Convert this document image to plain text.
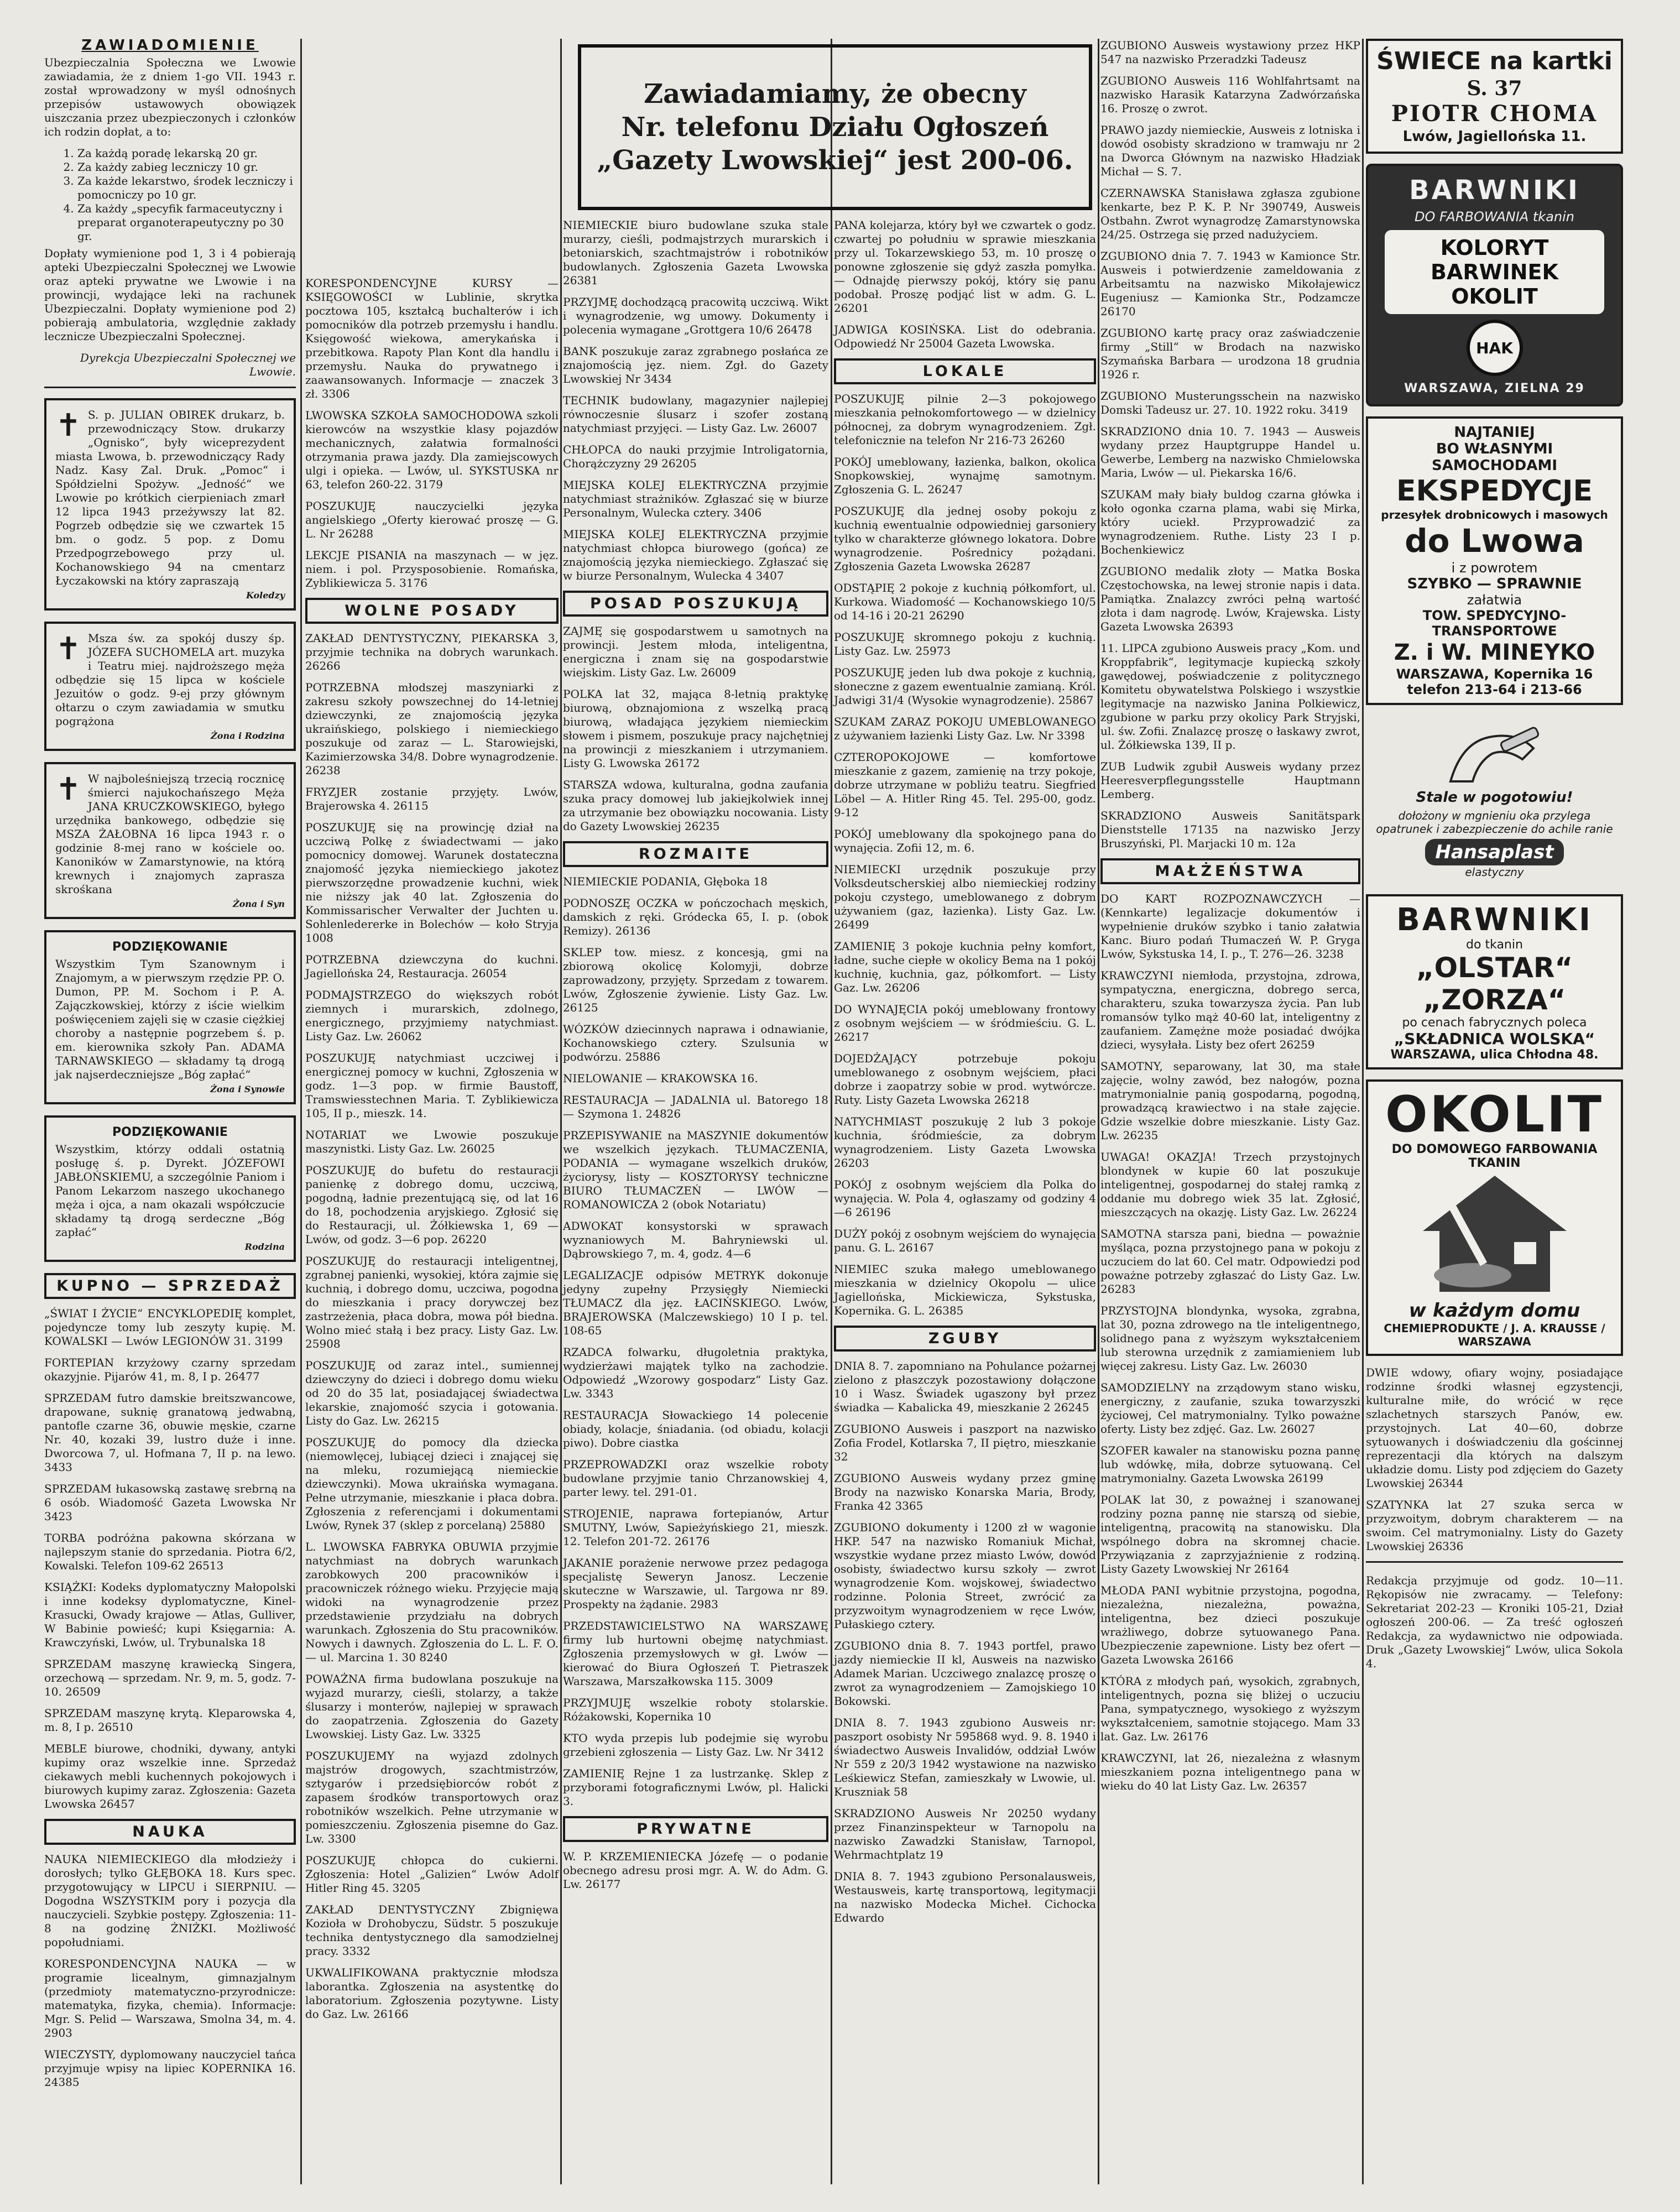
Zawiadamiamy, że obecny
Nr. telefonu Działu Ogłoszeń
„Gazety Lwowskiej“ jest 200-06.
ZAWIADOMIENIE

Ubezpieczalnia Społeczna we Lwowie zawiadamia, że z dniem 1-go VII. 1943 r. został wprowadzony w myśl odnośnych przepisów ustawowych obowiązek uiszczania przez ubezpieczonych i członków ich rodzin dopłat, a to:

1. Za każdą poradę lekarską 20 gr.
2. Za każdy zabieg leczniczy 10 gr.
3. Za każde lekarstwo, środek leczniczy i pomocniczy po 10 gr.
4. Za każdy „specyfik farmaceutyczny i preparat organoterapeutyczny po 30 gr.

Dopłaty wymienione pod 1, 3 i 4 pobierają apteki Ubezpieczalni Społecznej we Lwowie oraz apteki prywatne we Lwowie i na prowincji, wydające leki na rachunek Ubezpieczalni. Dopłaty wymienione pod 2) pobierają ambulatoria, względnie zakłady lecznicze Ubezpieczalni Społecznej.

Dyrekcja Ubezpieczalni Społecznej we Lwowie.
✝ S. p. JULIAN OBIREK drukarz, b. przewodniczący Stow. drukarzy „Ognisko“, były wiceprezydent miasta Lwowa, b. przewodniczący Rady Nadz. Kasy Zal. Druk. „Pomoc“ i Spółdzielni Spożyw. „Jedność“ we Lwowie po krótkich cierpieniach zmarł 12 lipca 1943 przeżywszy lat 82. Pogrzeb odbędzie się we czwartek 15 bm. o godz. 5 pop. z Domu Przedpogrzebowego przy ul. Kochanowskiego 94 na cmentarz Łyczakowski na który zapraszają

Koledzy
✝ Msza św. za spokój duszy śp. JÓZEFA SUCHOMELA art. muzyka i Teatru miej. najdroższego męża odbędzie się 15 lipca w kościele Jezuitów o godz. 9-ej przy głównym ołtarzu o czym zawiadamia w smutku pogrążona

Żona i Rodzina
✝ W najboleśniejszą trzecią rocznicę śmierci najukochańszego Męża JANA KRUCZKOWSKIEGO, byłego urzędnika bankowego, odbędzie się MSZA ŻAŁOBNA 16 lipca 1943 r. o godzinie 8-mej rano w kościele oo. Kanoników w Zamarstynowie, na którą krewnych i znajomych zaprasza skrośkana

Żona i Syn
PODZIĘKOWANIE

Wszystkim Tym Szanownym i Znajomym, a w pierwszym rzędzie PP. O. Dumon, PP. M. Sochom i P. A. Zajączkowskiej, którzy z iście wielkim poświęceniem zajęli się w czasie ciężkiej choroby a następnie pogrzebem ś. p. em. kierownika szkoły Pan. ADAMA TARNAWSKIEGO — składamy tą drogą jak najserdeczniejsze „Bóg zapłać“

Żona i Synowie
PODZIĘKOWANIE

Wszystkim, którzy oddali ostatnią posługę ś. p. Dyrekt. JÓZEFOWI JABŁOŃSKIEMU, a szczególnie Paniom i Panom Lekarzom naszego ukochanego męża i ojca, a nam okazali współczucie składamy tą drogą serdeczne „Bóg zapłać“

Rodzina
KUPNO — SPRZEDAŻ

„ŚWIAT I ŻYCIE“ ENCYKLOPEDIĘ komplet, pojedyncze tomy lub zeszyty kupię. M. KOWALSKI — Lwów LEGIONÓW 31. 3199

FORTEPIAN krzyżowy czarny sprzedam okazyjnie. Pijarów 41, m. 8, I p. 26477

SPRZEDAM futro damskie breitszwancowe, drapowane, suknię granatową jedwabną, pantofle czarne 36, obuwie męskie, czarne Nr. 40, kozaki 39, lustro duże i inne. Dworcowa 7, ul. Hofmana 7, II p. na lewo. 3433

SPRZEDAM łukasowską zastawę srebrną na 6 osób. Wiadomość Gazeta Lwowska Nr 3423

TORBA podróżna pakowna skórzana w najlepszym stanie do sprzedania. Piotra 6/2, Kowalski. Telefon 109-62 26513

KSIĄŻKI: Kodeks dyplomatyczny Małopolski i inne kodeksy dyplomatyczne, Kinel-Krasucki, Owady krajowe — Atlas, Gulliver, W Babinie powieść; kupi Księgarnia: A. Krawczyński, Lwów, ul. Trybunalska 18

SPRZEDAM maszynę krawiecką Singera, orzechową — sprzedam. Nr. 9, m. 5, godz. 7-10. 26509

SPRZEDAM maszynę krytą. Kleparowska 4, m. 8, I p. 26510

MEBLE biurowe, chodniki, dywany, antyki kupimy oraz wszelkie inne. Sprzedaż ciekawych mebli kuchennych pokojowych i biurowych kupimy zaraz. Zgłoszenia: Gazeta Lwowska 26457

NAUKA

NAUKA NIEMIECKIEGO dla młodzieży i dorosłych; tylko GŁĘBOKA 18. Kurs spec. przygotowujący w LIPCU i SIERPNIU. — Dogodna WSZYSTKIM pory i pozycja dla nauczycieli. Szybkie postępy. Zgłoszenia: 11-8 na godzinę ŻNIŻKI. Możliwość popołudniami.

KORESPONDENCYJNA NAUKA — w programie licealnym, gimnazjalnym (przedmioty matematyczno-przyrodnicze: matematyka, fizyka, chemia). Informacje: Mgr. S. Pelid — Warszawa, Smolna 34, m. 4. 2903

WIECZYSTY, dyplomowany nauczyciel tańca przyjmuje wpisy na lipiec KOPERNIKA 16. 24385

KORESPONDENCYJNE KURSY — KSIĘGOWOŚCI w Lublinie, skrytka pocztowa 105, kształcą buchalterów i ich pomocników dla potrzeb przemysłu i handlu. Księgowość wiekowa, amerykańska i przebitkowa. Rapoty Plan Kont dla handlu i przemysłu. Nauka do prywatnego i zaawansowanych. Informacje — znaczek 3 zł. 3306

LWOWSKA SZKOŁA SAMOCHODOWA szkoli kierowców na wszystkie klasy pojazdów mechanicznych, załatwia formalności otrzymania prawa jazdy. Dla zamiejscowych ulgi i opieka. — Lwów, ul. SYKSTUSKA nr 63, telefon 260-22. 3179

POSZUKUJĘ nauczycielki języka angielskiego „Oferty kierować proszę — G. L. Nr 26288

LEKCJE PISANIA na maszynach — w jęz. niem. i pol. Przysposobienie. Romańska, Zyblikiewicza 5. 3176

WOLNE POSADY

ZAKŁAD DENTYSTYCZNY, PIEKARSKA 3, przyjmie technika na dobrych warunkach. 26266

POTRZEBNA młodszej maszyniarki z zakresu szkoły powszechnej do 14-letniej dziewczynki, ze znajomością języka ukraińskiego, polskiego i niemieckiego poszukuje od zaraz — L. Starowiejski, Kazimierzowska 34/8. Dobre wynagrodzenie. 26238

FRYZJER zostanie przyjęty. Lwów, Brajerowska 4. 26115

POSZUKUJĘ się na prowincję dział na uczciwą Polkę z świadectwami — jako pomocnicy domowej. Warunek dostateczna znajomość języka niemieckiego jakotez pierwszorzędne prowadzenie kuchni, wiek nie niższy jak 40 lat. Zgłoszenia do Kommissarischer Verwalter der Juchten u. Sohlenledererke in Bolechów — koło Stryja 1008

POTRZEBNA dziewczyna do kuchni. Jagiellońska 24, Restauracja. 26054

PODMAJSTRZEGO do większych robót ziemnych i murarskich, zdolnego, energicznego, przyjmiemy natychmiast. Listy Gaz. Lw. 26062

POSZUKUJĘ natychmiast uczciwej i energicznej pomocy w kuchni, Zgłoszenia w godz. 1—3 pop. w firmie Baustoff, Tramswiesstechnen Maria. T. Zyblikiewicza 105, II p., mieszk. 14.

NOTARIAT we Lwowie poszukuje maszynistki. Listy Gaz. Lw. 26025

POSZUKUJĘ do bufetu do restauracji panienkę z dobrego domu, uczciwą, pogodną, ładnie prezentującą się, od lat 16 do 18, pochodzenia aryjskiego. Zgłosić się do Restauracji, ul. Żółkiewska 1, 69 — Lwów, od godz. 3—6 pop. 26220

POSZUKUJĘ do restauracji inteligentnej, zgrabnej panienki, wysokiej, która zajmie się kuchnią, i dobrego domu, uczciwa, pogodna do mieszkania i pracy dorywczej bez zastrzeżenia, płaca dobra, mowa pół biedna. Wolno mieć stałą i bez pracy. Listy Gaz. Lw. 25908

POSZUKUJĘ od zaraz intel., sumiennej dziewczyny do dzieci i dobrego domu wieku od 20 do 35 lat, posiadającej świadectwa lekarskie, znajomość szycia i gotowania. Listy do Gaz. Lw. 26215

POSZUKUJĘ do pomocy dla dziecka (niemowlęcej, lubiącej dzieci i znającej się na mleku, rozumiejącą niemieckie dziewczynki). Mowa ukraińska wymagana. Pełne utrzymanie, mieszkanie i płaca dobra. Zgłoszenia z referencjami i dokumentami Lwów, Rynek 37 (sklep z porcelaną) 25880

L. LWOWSKA FABRYKA OBUWIA przyjmie natychmiast na dobrych warunkach zarobkowych 200 pracowników i pracowniczek różnego wieku. Przyjęcie mają widoki na wynagrodzenie przez przedstawienie przydziału na dobrych warunkach. Zgłoszenia do Stu pracowników. Nowych i dawnych. Zgłoszenia do L. L. F. O. — ul. Marcina 1. 30 8240

POWAŻNA firma budowlana poszukuje na wyjazd murarzy, cieśli, stolarzy, a także ślusarzy i monterów, najlepiej w sprawach do zaopatrzenia. Zgłoszenia do Gazety Lwowskiej. Listy Gaz. Lw. 3325

POSZUKUJEMY na wyjazd zdolnych majstrów drogowych, szachtmistrzów, sztygarów i przedsiębiorców robót z zapasem środków transportowych oraz robotników wszelkich. Pełne utrzymanie w pomieszczeniu. Zgłoszenia pisemne do Gaz. Lw. 3300

POSZUKUJĘ chłopca do cukierni. Zgłoszenia: Hotel „Galizien“ Lwów Adolf Hitler Ring 45. 3205

ZAKŁAD DENTYSTYCZNY Zbignięwa Kozioła w Drohobyczu, Südstr. 5 poszukuje technika dentystycznego dla samodzielnej pracy. 3332

UKWALIFIKOWANA praktycznie młodsza laborantka. Zgłoszenia na asystentkę do laboratorium. Zgłoszenia pozytywne. Listy do Gaz. Lw. 26166

NIEMIECKIE biuro budowlane szuka stale murarzy, cieśli, podmajstrzych murarskich i betoniarskich, szachtmajstrów i robotników budowlanych. Zgłoszenia Gazeta Lwowska 26381

PRZYJMĘ dochodzącą pracowitą uczciwą. Wikt i wynagrodzenie, wg umowy. Dokumenty i polecenia wymagane „Grottgera 10/6 26478

BANK poszukuje zaraz zgrabnego posłańca ze znajomością jęz. niem. Zgł. do Gazety Lwowskiej Nr 3434

TECHNIK budowlany, magazynier najlepiej równoczesnie ślusarz i szofer zostaną natychmiast przyjęci. — Listy Gaz. Lw. 26007

CHŁOPCA do nauki przyjmie Introligatornia, Chorążczyzny 29 26205

MIEJSKA KOLEJ ELEKTRYCZNA przyjmie natychmiast strażników. Zgłaszać się w biurze Personalnym, Wulecka cztery. 3406

MIEJSKA KOLEJ ELEKTRYCZNA przyjmie natychmiast chłopca biurowego (gońca) ze znajomością języka niemieckiego. Zgłaszać się w biurze Personalnym, Wulecka 4 3407

POSAD POSZUKUJĄ

ZAJMĘ się gospodarstwem u samotnych na prowincji. Jestem młoda, inteligentna, energiczna i znam się na gospodarstwie wiejskim. Listy Gaz. Lw. 26009

POLKA lat 32, mająca 8-letnią praktykę biurową, obznajomiona z wszelką pracą biurową, władająca językiem niemieckim słowem i pismem, poszukuje pracy najchętniej na prowincji z mieszkaniem i utrzymaniem. Listy G. Lwowska 26172

STARSZA wdowa, kulturalna, godna zaufania szuka pracy domowej lub jakiejkolwiek innej za utrzymanie bez obowiązku nocowania. Listy do Gazety Lwowskiej 26235

ROZMAITE

NIEMIECKIE PODANIA, Głęboka 18

PODNOSZĘ OCZKA w pończochach męskich, damskich z ręki. Gródecka 65, I. p. (obok Remizy). 26136

SKLEP tow. miesz. z koncesją, gmi na zbiorową okolicę Kolomyji, dobrze zaprowadzony, przyjęty. Sprzedam z towarem. Lwów, Zgłoszenie żywienie. Listy Gaz. Lw. 26125

WÓZKÓW dziecinnych naprawa i odnawianie, Kochanowskiego cztery. Szulsunia w podwórzu. 25886

NIELOWANIE — KRAKOWSKA 16.

RESTAURACJA — JADALNIA ul. Batorego 18 — Szymona 1. 24826

PRZEPISYWANIE na MASZYNIE dokumentów we wszelkich językach. TŁUMACZENIA, PODANIA — wymagane wszelkich druków, życiorysy, listy — KOSZTORYSY techniczne BIURO TŁUMACZEŃ — LWÓW — ROMANOWICZA 2 (obok Notariatu)

ADWOKAT konsystorski w sprawach wyznaniowych M. Bahryniewski ul. Dąbrowskiego 7, m. 4, godz. 4—6

LEGALIZACJE odpisów METRYK dokonuje jedyny zupełny Przysięgły Niemiecki TŁUMACZ dla jęz. ŁACIŃSKIEGO. Lwów, BRAJEROWSKA (Malczewskiego) 10 I p. tel. 108-65

RZADCA folwarku, długoletnia praktyka, wydzierżawi majątek tylko na zachodzie. Odpowiedź „Wzorowy gospodarz“ Listy Gaz. Lw. 3343

RESTAURACJA Słowackiego 14 polecenie obiady, kolacje, śniadania. (od obiadu, kolacji piwo). Dobre ciastka

PRZEPROWADZKI oraz wszelkie roboty budowlane przyjmie tanio Chrzanowskiej 4, parter lewy. tel. 291-01.

STROJENIE, naprawa fortepianów, Artur SMUTNY, Lwów, Sapieżyńskiego 21, mieszk. 12. Telefon 201-72. 26176

JAKANIE porażenie nerwowe przez pedagoga specjalistę Seweryn Janosz. Leczenie skuteczne w Warszawie, ul. Targowa nr 89. Prospekty na żądanie. 2983

PRZEDSTAWICIELSTWO NA WARSZAWĘ firmy lub hurtowni obejmę natychmiast. Zgłoszenia przemysłowych w gł. Lwów — kierować do Biura Ogłoszeń T. Pietraszek Warszawa, Marszałkowska 115. 3009

PRZYJMUJĘ wszelkie roboty stolarskie. Różakowski, Kopernika 10

KTO wyda przepis lub podejmie się wyrobu grzebieni zgłoszenia — Listy Gaz. Lw. Nr 3412

ZAMIENIĘ Rejne 1 za lustrzankę. Sklep z przyborami fotograficznymi Lwów, pl. Halicki 3.

PRYWATNE

W. P. KRZEMIENIECKA Józefę — o podanie obecnego adresu prosi mgr. A. W. do Adm. G. Lw. 26177

PANA kolejarza, który był we czwartek o godz. czwartej po południu w sprawie mieszkania przy ul. Tokarzewskiego 53, m. 10 proszę o ponowne zgłoszenie się gdyż zaszła pomyłka. — Odnajdę pierwszy pokój, który się panu podobał. Proszę podjąć list w adm. G. L. 26201

JADWIGA KOSIŃSKA. List do odebrania. Odpowiedź Nr 25004 Gazeta Lwowska.

LOKALE

POSZUKUJĘ pilnie 2—3 pokojowego mieszkania pełnokomfortowego — w dzielnicy północnej, za dobrym wynagrodzeniem. Zgł. telefonicznie na telefon Nr 216-73 26260

POKÓJ umeblowany, łazienka, balkon, okolica Snopkowskiej, wynajmę samotnym. Zgłoszenia G. L. 26247

POSZUKUJĘ dla jednej osoby pokoju z kuchnią ewentualnie odpowiedniej garsoniery tylko w charakterze głównego lokatora. Dobre wynagrodzenie. Pośrednicy pożądani. Zgłoszenia Gazeta Lwowska 26287

ODSTĄPIĘ 2 pokoje z kuchnią półkomfort, ul. Kurkowa. Wiadomość — Kochanowskiego 10/5 od 14-16 i 20-21 26290

POSZUKUJĘ skromnego pokoju z kuchnią. Listy Gaz. Lw. 25973

POSZUKUJĘ jeden lub dwa pokoje z kuchnią, słoneczne z gazem ewentualnie zamianą. Król. Jadwigi 31/4 (Wysokie wynagrodzenie). 25867

SZUKAM ZARAZ POKOJU UMEBLOWANEGO z używaniem łazienki Listy Gaz. Lw. Nr 3398

CZTEROPOKOJOWE — komfortowe mieszkanie z gazem, zamienię na trzy pokoje, dobrze utrzymane w pobliżu teatru. Siegfried Löbel — A. Hitler Ring 45. Tel. 295-00, godz. 9-12

POKÓJ umeblowany dla spokojnego pana do wynajęcia. Zofii 12, m. 6.

NIEMIECKI urzędnik poszukuje przy Volksdeutscherskiej albo niemieckiej rodziny pokoju czystego, umeblowanego z dobrym używaniem (gaz, łazienka). Listy Gaz. Lw. 26499

ZAMIENIĘ 3 pokoje kuchnia pełny komfort, ładne, suche ciepłe w okolicy Bema na 1 pokój kuchnię, kuchnia, gaz, półkomfort. — Listy Gaz. Lw. 26206

DO WYNAJĘCIA pokój umeblowany frontowy z osobnym wejściem — w śródmieściu. G. L. 26217

DOJEDŻAJĄCY potrzebuje pokoju umeblowanego z osobnym wejściem, płaci dobrze i zaopatrzy sobie w prod. wytwórcze. Ruty. Listy Gazeta Lwowska 26218

NATYCHMIAST poszukuję 2 lub 3 pokoje kuchnia, śródmieście, za dobrym wynagrodzeniem. Listy Gazeta Lwowska 26203

POKÓJ z osobnym wejściem dla Polka do wynajęcia. W. Pola 4, ogłaszamy od godziny 4—6 26196

DUŻY pokój z osobnym wejściem do wynajęcia panu. G. L. 26167

NIEMIEC szuka małego umeblowanego mieszkania w dzielnicy Okopolu — ulice Jagiellońska, Mickiewicza, Sykstuska, Kopernika. G. L. 26385

ZGUBY

DNIA 8. 7. zapomniano na Pohulance pożarnej zielono z płaszczyk pozostawiony dołączone 10 i Wasz. Świadek ugaszony był przez świadka — Kabalicka 49, mieszkanie 2 26245

ZGUBIONO Ausweis i paszport na nazwisko Zofia Frodel, Kotlarska 7, II piętro, mieszkanie 32

ZGUBIONO Ausweis wydany przez gminę Brody na nazwisko Konarska Maria, Brody, Franka 42 3365

ZGUBIONO dokumenty i 1200 zł w wagonie HKP. 547 na nazwisko Romaniuk Michał, wszystkie wydane przez miasto Lwów, dowód osobisty, świadectwo kursu szkoły — zwrot wynagrodzenie Kom. wojskowej, świadectwo rodzinne. Polonia Street, zwrócić za przyzwoitym wynagrodzeniem w ręce Lwów, Pułaskiego cztery.

ZGUBIONO dnia 8. 7. 1943 portfel, prawo jazdy niemieckie II kl, Ausweis na nazwisko Adamek Marian. Uczciwego znalazcę proszę o zwrot za wynagrodzeniem — Zamojskiego 10 Bokowski.

DNIA 8. 7. 1943 zgubiono Ausweis nr: paszport osobisty Nr 595868 wyd. 9. 8. 1940 i świadectwo Ausweis Invalidów, oddział Lwów Nr 559 z 20/3 1942 wystawione na nazwisko Leśkiewicz Stefan, zamieszkały w Lwowie, ul. Kruszniak 58

SKRADZIONO Ausweis Nr 20250 wydany przez Finanzinspekteur w Tarnopolu na nazwisko Zawadzki Stanisław, Tarnopol, Wehrmachtplatz 19

DNIA 8. 7. 1943 zgubiono Personalausweis, Westausweis, kartę transportową, legitymacji na nazwisko Modecka Micheł. Cichocka Edwardo

ZGUBIONO Ausweis wystawiony przez HKP 547 na nazwisko Przeradzki Tadeusz

ZGUBIONO Ausweis 116 Wohlfahrtsamt na nazwisko Harasik Katarzyna Zadwórzańska 16. Proszę o zwrot.

PRAWO jazdy niemieckie, Ausweis z lotniska i dowód osobisty skradziono w tramwaju nr 2 na Dworca Głównym na nazwisko Hładziak Michał — S. 7.

CZERNAWSKA Stanisława zgłasza zgubione kenkarte, bez P. K. P. Nr 390749, Ausweis Ostbahn. Zwrot wynagrodzę Zamarstynowska 24/25. Ostrzega się przed nadużyciem.

ZGUBIONO dnia 7. 7. 1943 w Kamionce Str. Ausweis i potwierdzenie zameldowania z Arbeitsamtu na nazwisko Mikołajewicz Eugeniusz — Kamionka Str., Podzamcze 26170

ZGUBIONO kartę pracy oraz zaświadczenie firmy „Still“ w Brodach na nazwisko Szymańska Barbara — urodzona 18 grudnia 1926 r.

ZGUBIONO Musterungsschein na nazwisko Domski Tadeusz ur. 27. 10. 1922 roku. 3419

SKRADZIONO dnia 10. 7. 1943 — Ausweis wydany przez Hauptgruppe Handel u. Gewerbe, Lemberg na nazwisko Chmielowska Maria, Lwów — ul. Piekarska 16/6.

SZUKAM mały biały buldog czarna główka i koło ogonka czarna plama, wabi się Mirka, który uciekł. Przyprowadzić za wynagrodzeniem. Ruthe. Listy 23 I p. Bochenkiewicz

ZGUBIONO medalik złoty — Matka Boska Częstochowska, na lewej stronie napis i data. Pamiątka. Znalazcy zwróci pełną wartość złota i dam nagrodę. Lwów, Krajewska. Listy Gazeta Lwowska 26393

11. LIPCA zgubiono Ausweis pracy „Kom. und Kroppfabrik“, legitymacje kupiecką szkoły gawędowej, poświadczenie z politycznego Komitetu obywatelstwa Polskiego i wszystkie legitymacje na nazwisko Janina Polkiewicz, zgubione w parku przy okolicy Park Stryjski, ul. św. Zofii. Znalazcę proszę o łaskawy zwrot, ul. Żółkiewska 139, II p.

ZUB Ludwik zgubił Ausweis wydany przez Heeresverpflegungsstelle Hauptmann Lemberg.

SKRADZIONO Ausweis Sanitätspark Dienststelle 17135 na nazwisko Jerzy Bruszyński, Pl. Marjacki 10 m. 12a

MAŁŻEŃSTWA

DO KART ROZPOZNAWCZYCH — (Kennkarte) legalizacje dokumentów i wypełnienie druków szybko i tanio załatwia Kanc. Biuro podań Tłumaczeń W. P. Gryga Lwów, Sykstuska 14, I. p., T. 276—26. 3238

KRAWCZYNI niemłoda, przystojna, zdrowa, sympatyczna, energiczna, dobrego serca, charakteru, szuka towarzysza życia. Pan lub romansów tylko mąż 40-60 lat, inteligentny z zaufaniem. Zamężne może posiadać dwójka dzieci, wysyłała. Listy bez ofert 26259

SAMOTNY, separowany, lat 30, ma stałe zajęcie, wolny zawód, bez nałogów, pozna matrymonialnie panią gospodarną, pogodną, prowadzącą krawiectwo i na stałe zajęcie. Gdzie wszelkie dobre mieszkanie. Listy Gaz. Lw. 26235

UWAGA! OKAZJA! Trzech przystojnych blondynek w kupie 60 lat poszukuje inteligentnej, gospodarnej do stałej ramką z oddanie mu dobrego wiek 35 lat. Zgłosić, mieszczących na okazję. Listy Gaz. Lw. 26224

SAMOTNA starsza pani, biedna — poważnie myśląca, pozna przystojnego pana w pokoju z uczuciem do lat 60. Cel matr. Odpowiedzi pod poważne potrzeby zgłaszać do Listy Gaz. Lw. 26283

PRZYSTOJNA blondynka, wysoka, zgrabna, lat 30, pozna zdrowego na tle inteligentnego, solidnego pana z wyższym wykształceniem lub sterowna urzędnik z zamiamieniem lub więcej zakresu. Listy Gaz. Lw. 26030

SAMODZIELNY na zrządowym stano wisku, energiczny, z zaufanie, szuka towarzyszki życiowej, Cel matrymonialny. Tylko poważne oferty. Listy bez zdjęć. Gaz. Lw. 26027

SZOFER kawaler na stanowisku pozna pannę lub wdówkę, miła, dobrze sytuowaną. Cel matrymonialny. Gazeta Lwowska 26199

POLAK lat 30, z poważnej i szanowanej rodziny pozna pannę nie starszą od siebie, inteligentną, pracowitą na stanowisku. Dla wspólnego dobra na skromnej chacie. Przywiązania z zaprzyjaźnienie z rodziną. Listy Gazety Lwowskiej Nr 26164

MŁODA PANI wybitnie przystojna, pogodna, niezależna, niezależna, poważna, inteligentna, bez dzieci poszukuje wrażliwego, dobrze sytuowanego Pana. Ubezpieczenie zapewnione. Listy bez ofert — Gazeta Lwowska 26166

KTÓRA z młodych pań, wysokich, zgrabnych, inteligentnych, pozna się bliżej o uczuciu Pana, sympatycznego, wysokiego z wyższym wykształceniem, samotnie stojącego. Mam 33 lat. Gaz. Lw. 26176

KRAWCZYNI, lat 26, niezależna z własnym mieszkaniem pozna inteligentnego pana w wieku do 40 lat Listy Gaz. Lw. 26357

ŚWIECE na kartki
S. 37
PIOTR CHOMA
Lwów, Jagiellońska 11.
BARWNIKI
DO FARBOWANIA tkanin
KOLORYT
BARWINEK
OKOLIT
HAK
WARSZAWA, ZIELNA 29
NAJTANIEJ
BO WŁASNYMI
SAMOCHODAMI
EKSPEDYCJE
przesyłek drobnicowych i masowych
do Lwowa
i z powrotem
SZYBKO — SPRAWNIE
załatwia
TOW. SPEDYCYJNO-TRANSPORTOWE
Z. i W. MINEYKO
WARSZAWA, Kopernika 16
telefon 213-64 i 213-66
Stale w pogotowiu!
dołożony w mgnieniu oka przylega opatrunek i zabezpieczenie do achile ranie
Hansaplast
elastyczny
BARWNIKI
do tkanin
„OLSTAR“
„ZORZA“
po cenach fabrycznych poleca
„SKŁADNICA WOLSKA“
WARSZAWA, ulica Chłodna 48.
OKOLIT
DO DOMOWEGO FARBOWANIA TKANIN
w każdym domu
CHEMIEPRODUKTE / J. A. KRAUSSE / WARSZAWA

DWIE wdowy, ofiary wojny, posiadające rodzinne środki własnej egzystencji, kulturalne miłe, do wrócić w ręce szlachetnych starszych Panów, ew. przystojnych. Lat 40—60, dobrze sytuowanych i doświadczeniu dla gościnnej reprezentacji dla których na dalszym układzie domu. Listy pod zdjęciem do Gazety Lwowskiej 26344

SZATYNKA lat 27 szuka serca w przyzwoitym, dobrym charakterem — na swoim. Cel matrymonialny. Listy do Gazety Lwowskiej 26336

Redakcja przyjmuje od godz. 10—11. Rękopisów nie zwracamy. — Telefony: Sekretariat 202-23 — Kroniki 105-21, Dział ogłoszeń 200-06. — Za treść ogłoszeń Redakcja, za wydawnictwo nie odpowiada. Druk „Gazety Lwowskiej“ Lwów, ulica Sokola 4.
